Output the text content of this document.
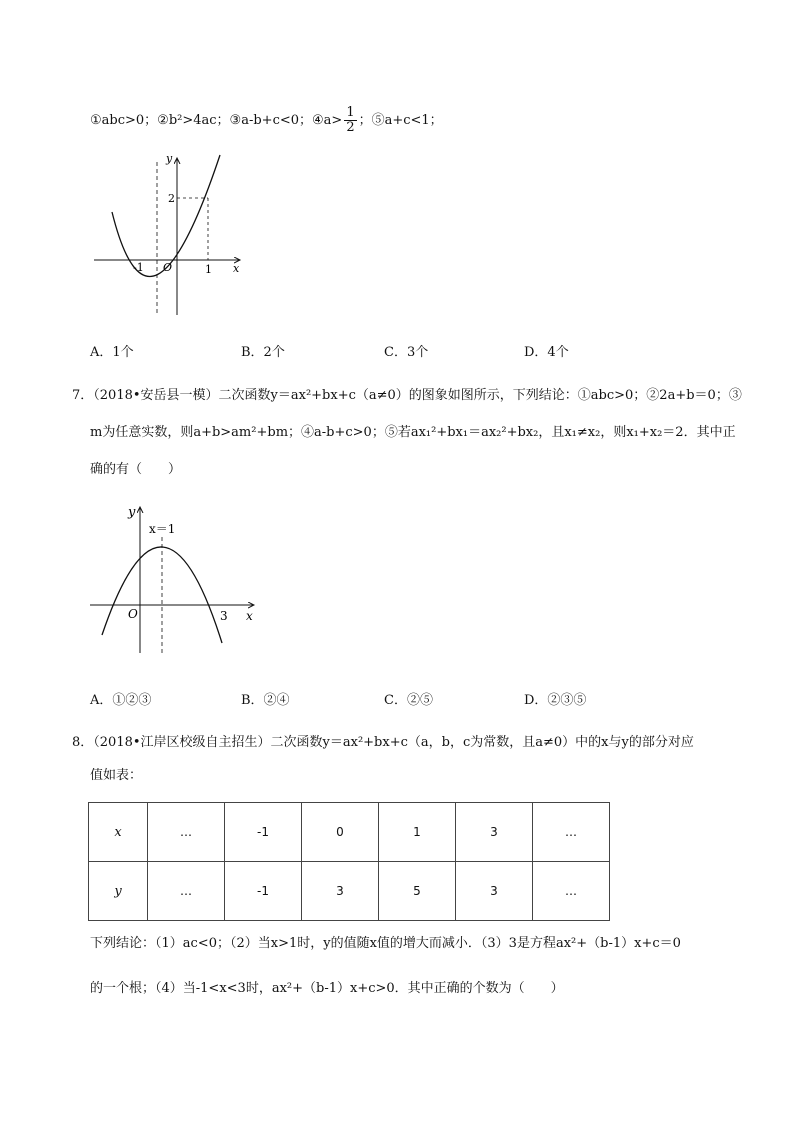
①abc>0；②b²>4ac；③a-b+c<0；④a> $\frac{1}{2}$ ；⑤a+c<1；
y
x
O
-1	1
2
A．1个	B．2个	C．3个	D．4个
7．（2018•安岳县一模）二次函数y＝ax²+bx+c（a≠0）的图象如图所示，下列结论：①abc>0；②2a+b＝0；③
m为任意实数，则a+b>am²+bm；④a-b+c>0；⑤若ax₁²+bx₁＝ax₂²+bx₂，且x₁≠x₂，则x₁+x₂＝2．其中正
确的有（　　）
y
x
O	3
x＝1
A．①②③	B．②④	C．②⑤	D．②③⑤
8．（2018•江岸区校级自主招生）二次函数y＝ax²+bx+c（a，b，c为常数，且a≠0）中的x与y的部分对应
值如表：
x	…	-1	0	1	3	…
y	…	-1	3	5	3	…
下列结论：（1）ac<0；（2）当x>1时，y的值随x值的增大而减小．（3）3是方程ax²+（b-1）x+c＝0
的一个根；（4）当-1<x<3时，ax²+（b-1）x+c>0．其中正确的个数为（　　）
